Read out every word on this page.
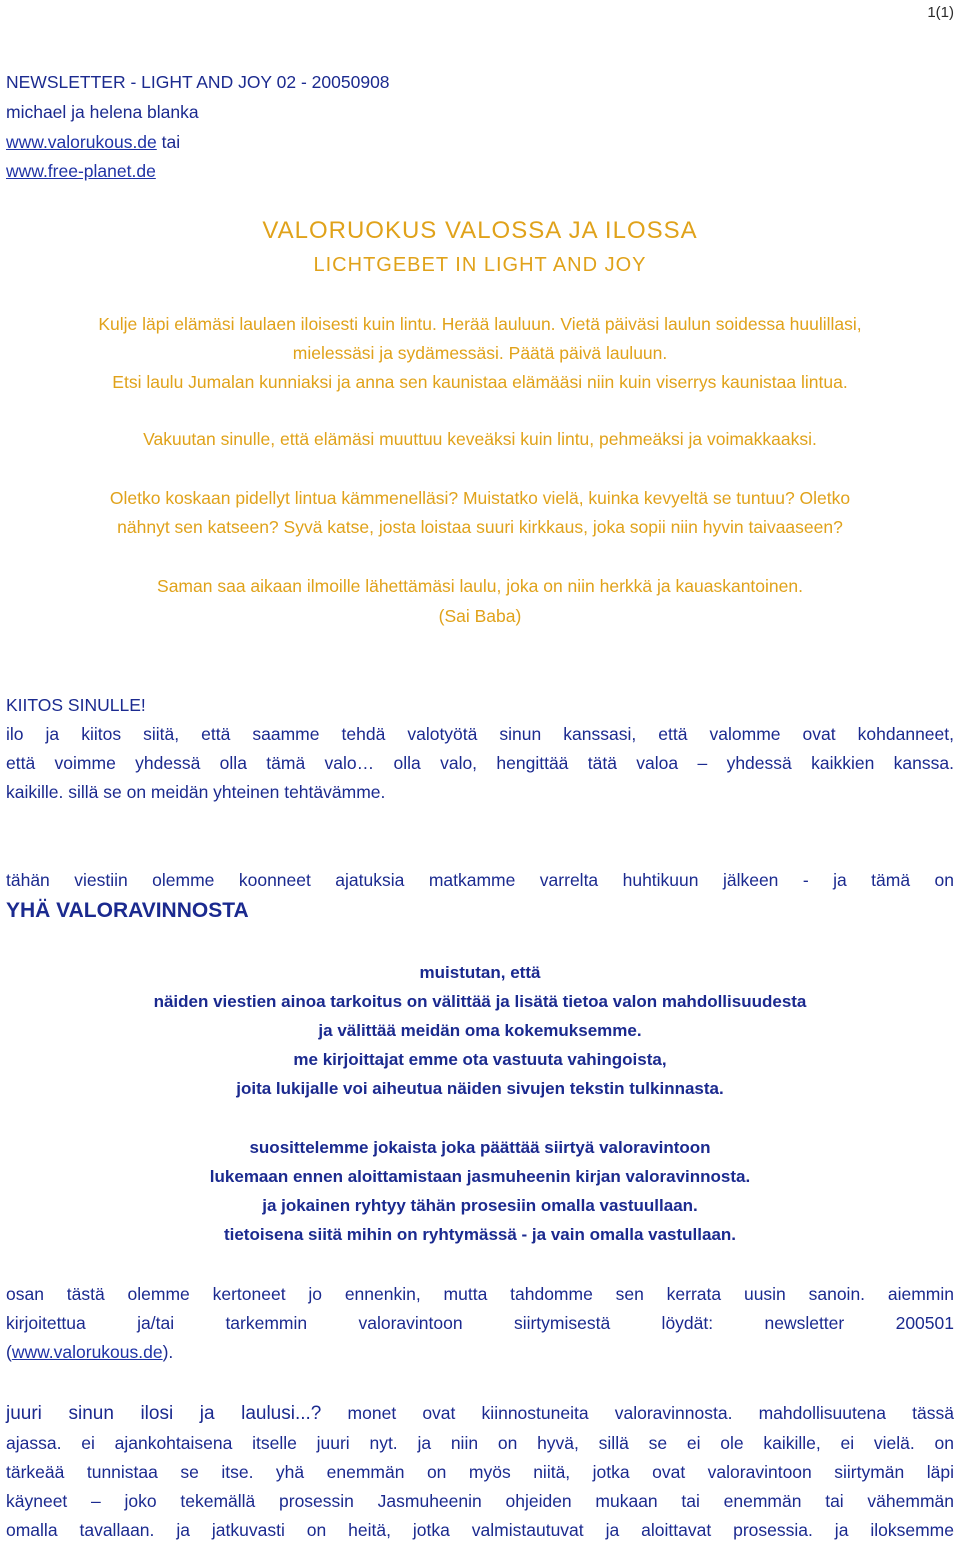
1(1)
NEWSLETTER - LIGHT AND JOY 02 - 20050908
michael ja helena blanka
www.valorukous.de tai
www.free-planet.de
VALORUOKUS VALOSSA JA ILOSSA
LICHTGEBET IN LIGHT AND JOY
Kulje läpi elämäsi laulaen iloisesti kuin lintu. Herää lauluun. Vietä päiväsi laulun soidessa huulillasi,
mielessäsi ja sydämessäsi. Päätä päivä lauluun.
Etsi laulu Jumalan kunniaksi ja anna sen kaunistaa elämääsi niin kuin viserrys kaunistaa lintua.
Vakuutan sinulle, että elämäsi muuttuu keveäksi kuin lintu, pehmeäksi ja voimakkaaksi.
Oletko koskaan pidellyt lintua kämmenelläsi? Muistatko vielä, kuinka kevyeltä se tuntuu? Oletko
nähnyt sen katseen? Syvä katse, josta loistaa suuri kirkkaus, joka sopii niin hyvin taivaaseen?
Saman saa aikaan ilmoille lähettämäsi laulu, joka on niin herkkä ja kauaskantoinen.
(Sai Baba)
KIITOS SINULLE!
ilo ja kiitos siitä, että saamme tehdä valotyötä sinun kanssasi, että valomme ovat kohdanneet,
että voimme yhdessä olla tämä valo… olla valo, hengittää tätä valoa – yhdessä kaikkien kanssa.
kaikille. sillä se on meidän yhteinen tehtävämme.
tähän viestiin olemme koonneet ajatuksia matkamme varrelta huhtikuun jälkeen - ja tämä on
YHÄ VALORAVINNOSTA
muistutan, että
näiden viestien ainoa tarkoitus on välittää ja lisätä tietoa valon mahdollisuudesta
ja välittää meidän oma kokemuksemme.
me kirjoittajat emme ota vastuuta vahingoista,
joita lukijalle voi aiheutua näiden sivujen tekstin tulkinnasta.
suosittelemme jokaista joka päättää siirtyä valoravintoon
lukemaan ennen aloittamistaan jasmuheenin kirjan valoravinnosta.
ja jokainen ryhtyy tähän prosesiin omalla vastuullaan.
tietoisena siitä mihin on ryhtymässä - ja vain omalla vastullaan.
osan tästä olemme kertoneet jo ennenkin, mutta tahdomme sen kerrata uusin sanoin. aiemmin
kirjoitettua ja/tai tarkemmin valoravintoon siirtymisestä löydät: newsletter 200501
(www.valorukous.de).
juuri sinun ilosi ja laulusi...? monet ovat kiinnostuneita valoravinnosta. mahdollisuutena tässä
ajassa. ei ajankohtaisena itselle juuri nyt. ja niin on hyvä, sillä se ei ole kaikille, ei vielä. on
tärkeää tunnistaa se itse. yhä enemmän on myös niitä, jotka ovat valoravintoon siirtymän läpi
käyneet – joko tekemällä prosessin Jasmuheenin ohjeiden mukaan tai enemmän tai vähemmän
omalla tavallaan. ja jatkuvasti on heitä, jotka valmistautuvat ja aloittavat prosessia. ja iloksemme
